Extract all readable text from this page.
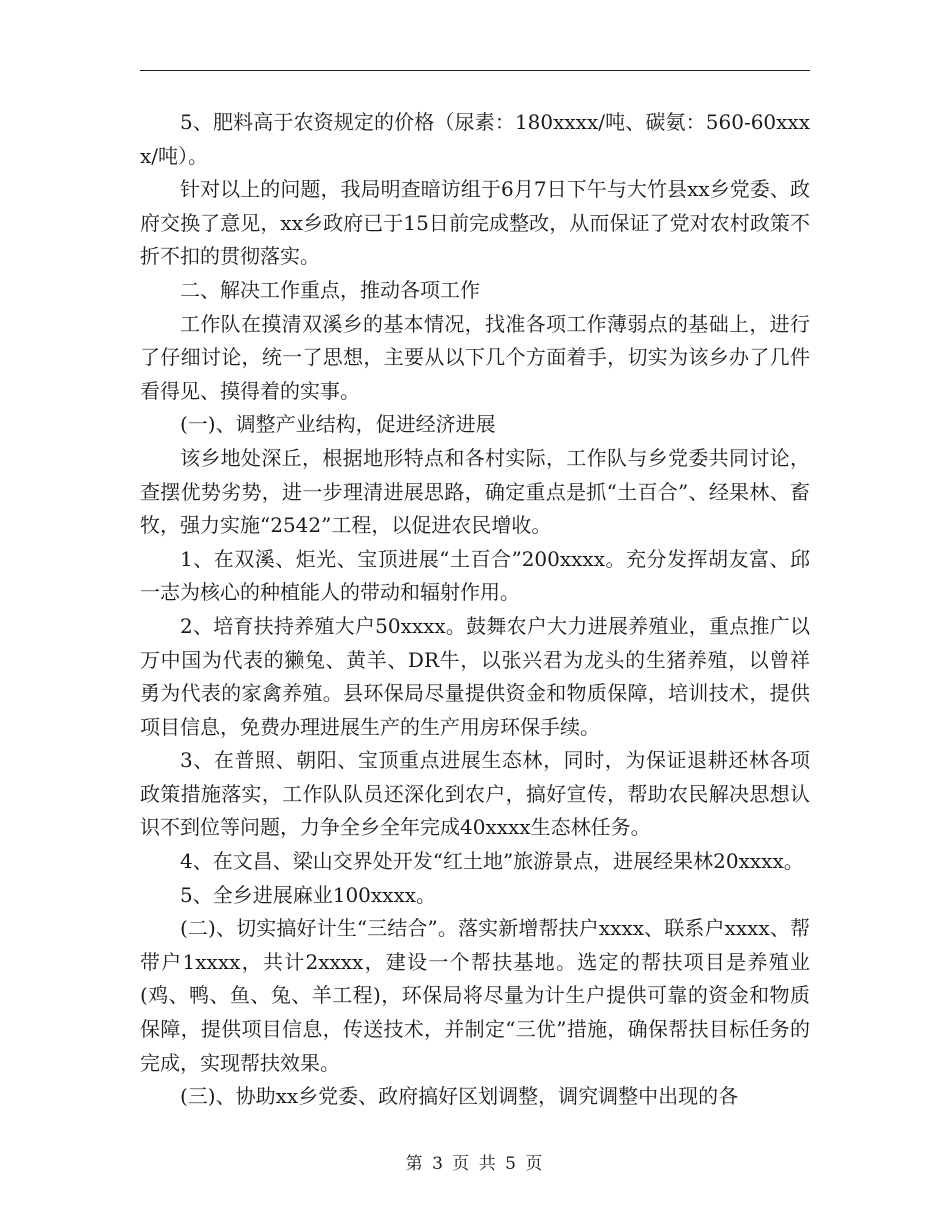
5、肥料高于农资规定的价格（尿素：180xxxx/吨、碳氨：560-60xxxx/吨）。

针对以上的问题，我局明查暗访组于6月7日下午与大竹县xx乡党委、政府交换了意见，xx乡政府已于15日前完成整改，从而保证了党对农村政策不折不扣的贯彻落实。

二、解决工作重点，推动各项工作

工作队在摸清双溪乡的基本情况，找准各项工作薄弱点的基础上，进行了仔细讨论，统一了思想，主要从以下几个方面着手，切实为该乡办了几件看得见、摸得着的实事。

(一)、调整产业结构，促进经济进展

该乡地处深丘，根据地形特点和各村实际，工作队与乡党委共同讨论，查摆优势劣势，进一步理清进展思路，确定重点是抓“土百合”、经果林、畜牧，强力实施“2542”工程，以促进农民增收。

1、在双溪、炬光、宝顶进展“土百合”200xxxx。充分发挥胡友富、邱一志为核心的种植能人的带动和辐射作用。

2、培育扶持养殖大户50xxxx。鼓舞农户大力进展养殖业，重点推广以万中国为代表的獭兔、黄羊、DR牛，以张兴君为龙头的生猪养殖，以曾祥勇为代表的家禽养殖。县环保局尽量提供资金和物质保障，培训技术，提供项目信息，免费办理进展生产的生产用房环保手续。

3、在普照、朝阳、宝顶重点进展生态林，同时，为保证退耕还林各项政策措施落实，工作队队员还深化到农户，搞好宣传，帮助农民解决思想认识不到位等问题，力争全乡全年完成40xxxx生态林任务。

4、在文昌、梁山交界处开发“红土地”旅游景点，进展经果林20xxxx。

5、全乡进展麻业100xxxx。

(二)、切实搞好计生“三结合”。落实新增帮扶户xxxx、联系户xxxx、帮带户1xxxx，共计2xxxx，建设一个帮扶基地。选定的帮扶项目是养殖业(鸡、鸭、鱼、兔、羊工程)，环保局将尽量为计生户提供可靠的资金和物质保障，提供项目信息，传送技术，并制定“三优”措施，确保帮扶目标任务的完成，实现帮扶效果。

(三)、协助xx乡党委、政府搞好区划调整，调究调整中出现的各

第 3 页 共 5 页
